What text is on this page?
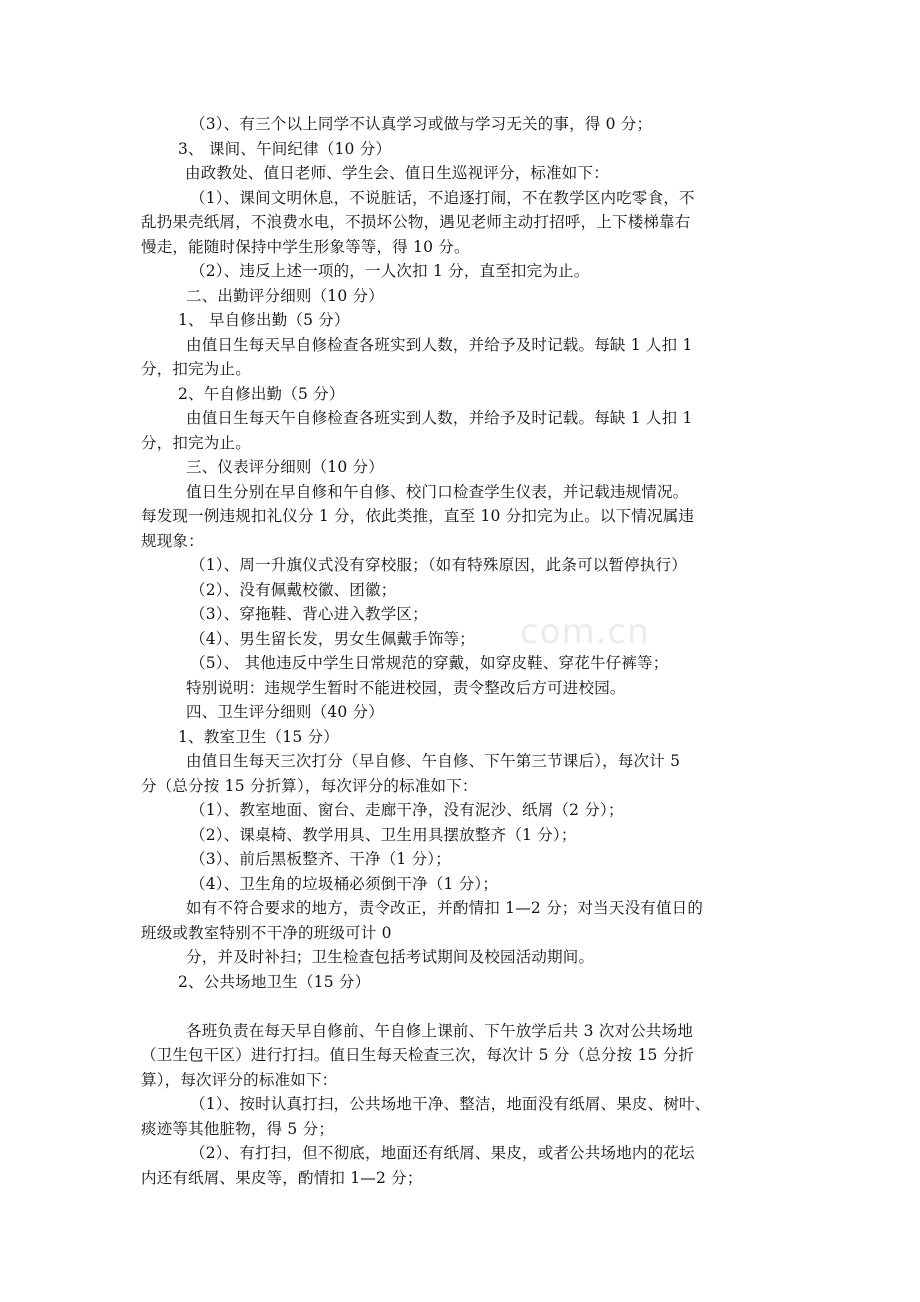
com.cn
（3）、有三个以上同学不认真学习或做与学习无关的事，得 0 分；
3、 课间、午间纪律（10 分）
由政教处、值日老师、学生会、值日生巡视评分，标准如下：
（1）、课间文明休息，不说脏话，不追逐打闹，不在教学区内吃零食，不
乱扔果壳纸屑，不浪费水电，不损坏公物，遇见老师主动打招呼，上下楼梯靠右
慢走，能随时保持中学生形象等等，得 10 分。
（2）、违反上述一项的，一人次扣 1 分，直至扣完为止。
二、出勤评分细则（10 分）
1、 早自修出勤（5 分）
由值日生每天早自修检查各班实到人数，并给予及时记载。每缺 1 人扣 1
分，扣完为止。
2、午自修出勤（5 分）
由值日生每天午自修检查各班实到人数，并给予及时记载。每缺 1 人扣 1
分，扣完为止。
三、仪表评分细则（10 分）
值日生分别在早自修和午自修、校门口检查学生仪表，并记载违规情况。
每发现一例违规扣礼仪分 1 分，依此类推，直至 10 分扣完为止。以下情况属违
规现象：
（1）、周一升旗仪式没有穿校服；（如有特殊原因，此条可以暂停执行）
（2）、没有佩戴校徽、团徽；
（3）、穿拖鞋、背心进入教学区；
（4）、男生留长发，男女生佩戴手饰等；
（5）、 其他违反中学生日常规范的穿戴，如穿皮鞋、穿花牛仔裤等；
特别说明：违规学生暂时不能进校园，责令整改后方可进校园。
四、卫生评分细则（40 分）
1、教室卫生（15 分）
由值日生每天三次打分（早自修、午自修、下午第三节课后），每次计 5
分（总分按 15 分折算），每次评分的标准如下：
（1）、教室地面、窗台、走廊干净，没有泥沙、纸屑（2 分）；
（2）、课桌椅、教学用具、卫生用具摆放整齐（1 分）；
（3）、前后黑板整齐、干净（1 分）；
（4）、卫生角的垃圾桶必须倒干净（1 分）；
如有不符合要求的地方，责令改正，并酌情扣 1—2 分；对当天没有值日的
班级或教室特别不干净的班级可计 0
分，并及时补扫；卫生检查包括考试期间及校园活动期间。
2、公共场地卫生（15 分）
各班负责在每天早自修前、午自修上课前、下午放学后共 3 次对公共场地
（卫生包干区）进行打扫。值日生每天检查三次，每次计 5 分（总分按 15 分折
算），每次评分的标准如下：
（1）、按时认真打扫，公共场地干净、整洁，地面没有纸屑、果皮、树叶、
痰迹等其他脏物，得 5 分；
（2）、有打扫，但不彻底，地面还有纸屑、果皮，或者公共场地内的花坛
内还有纸屑、果皮等，酌情扣 1—2 分；
